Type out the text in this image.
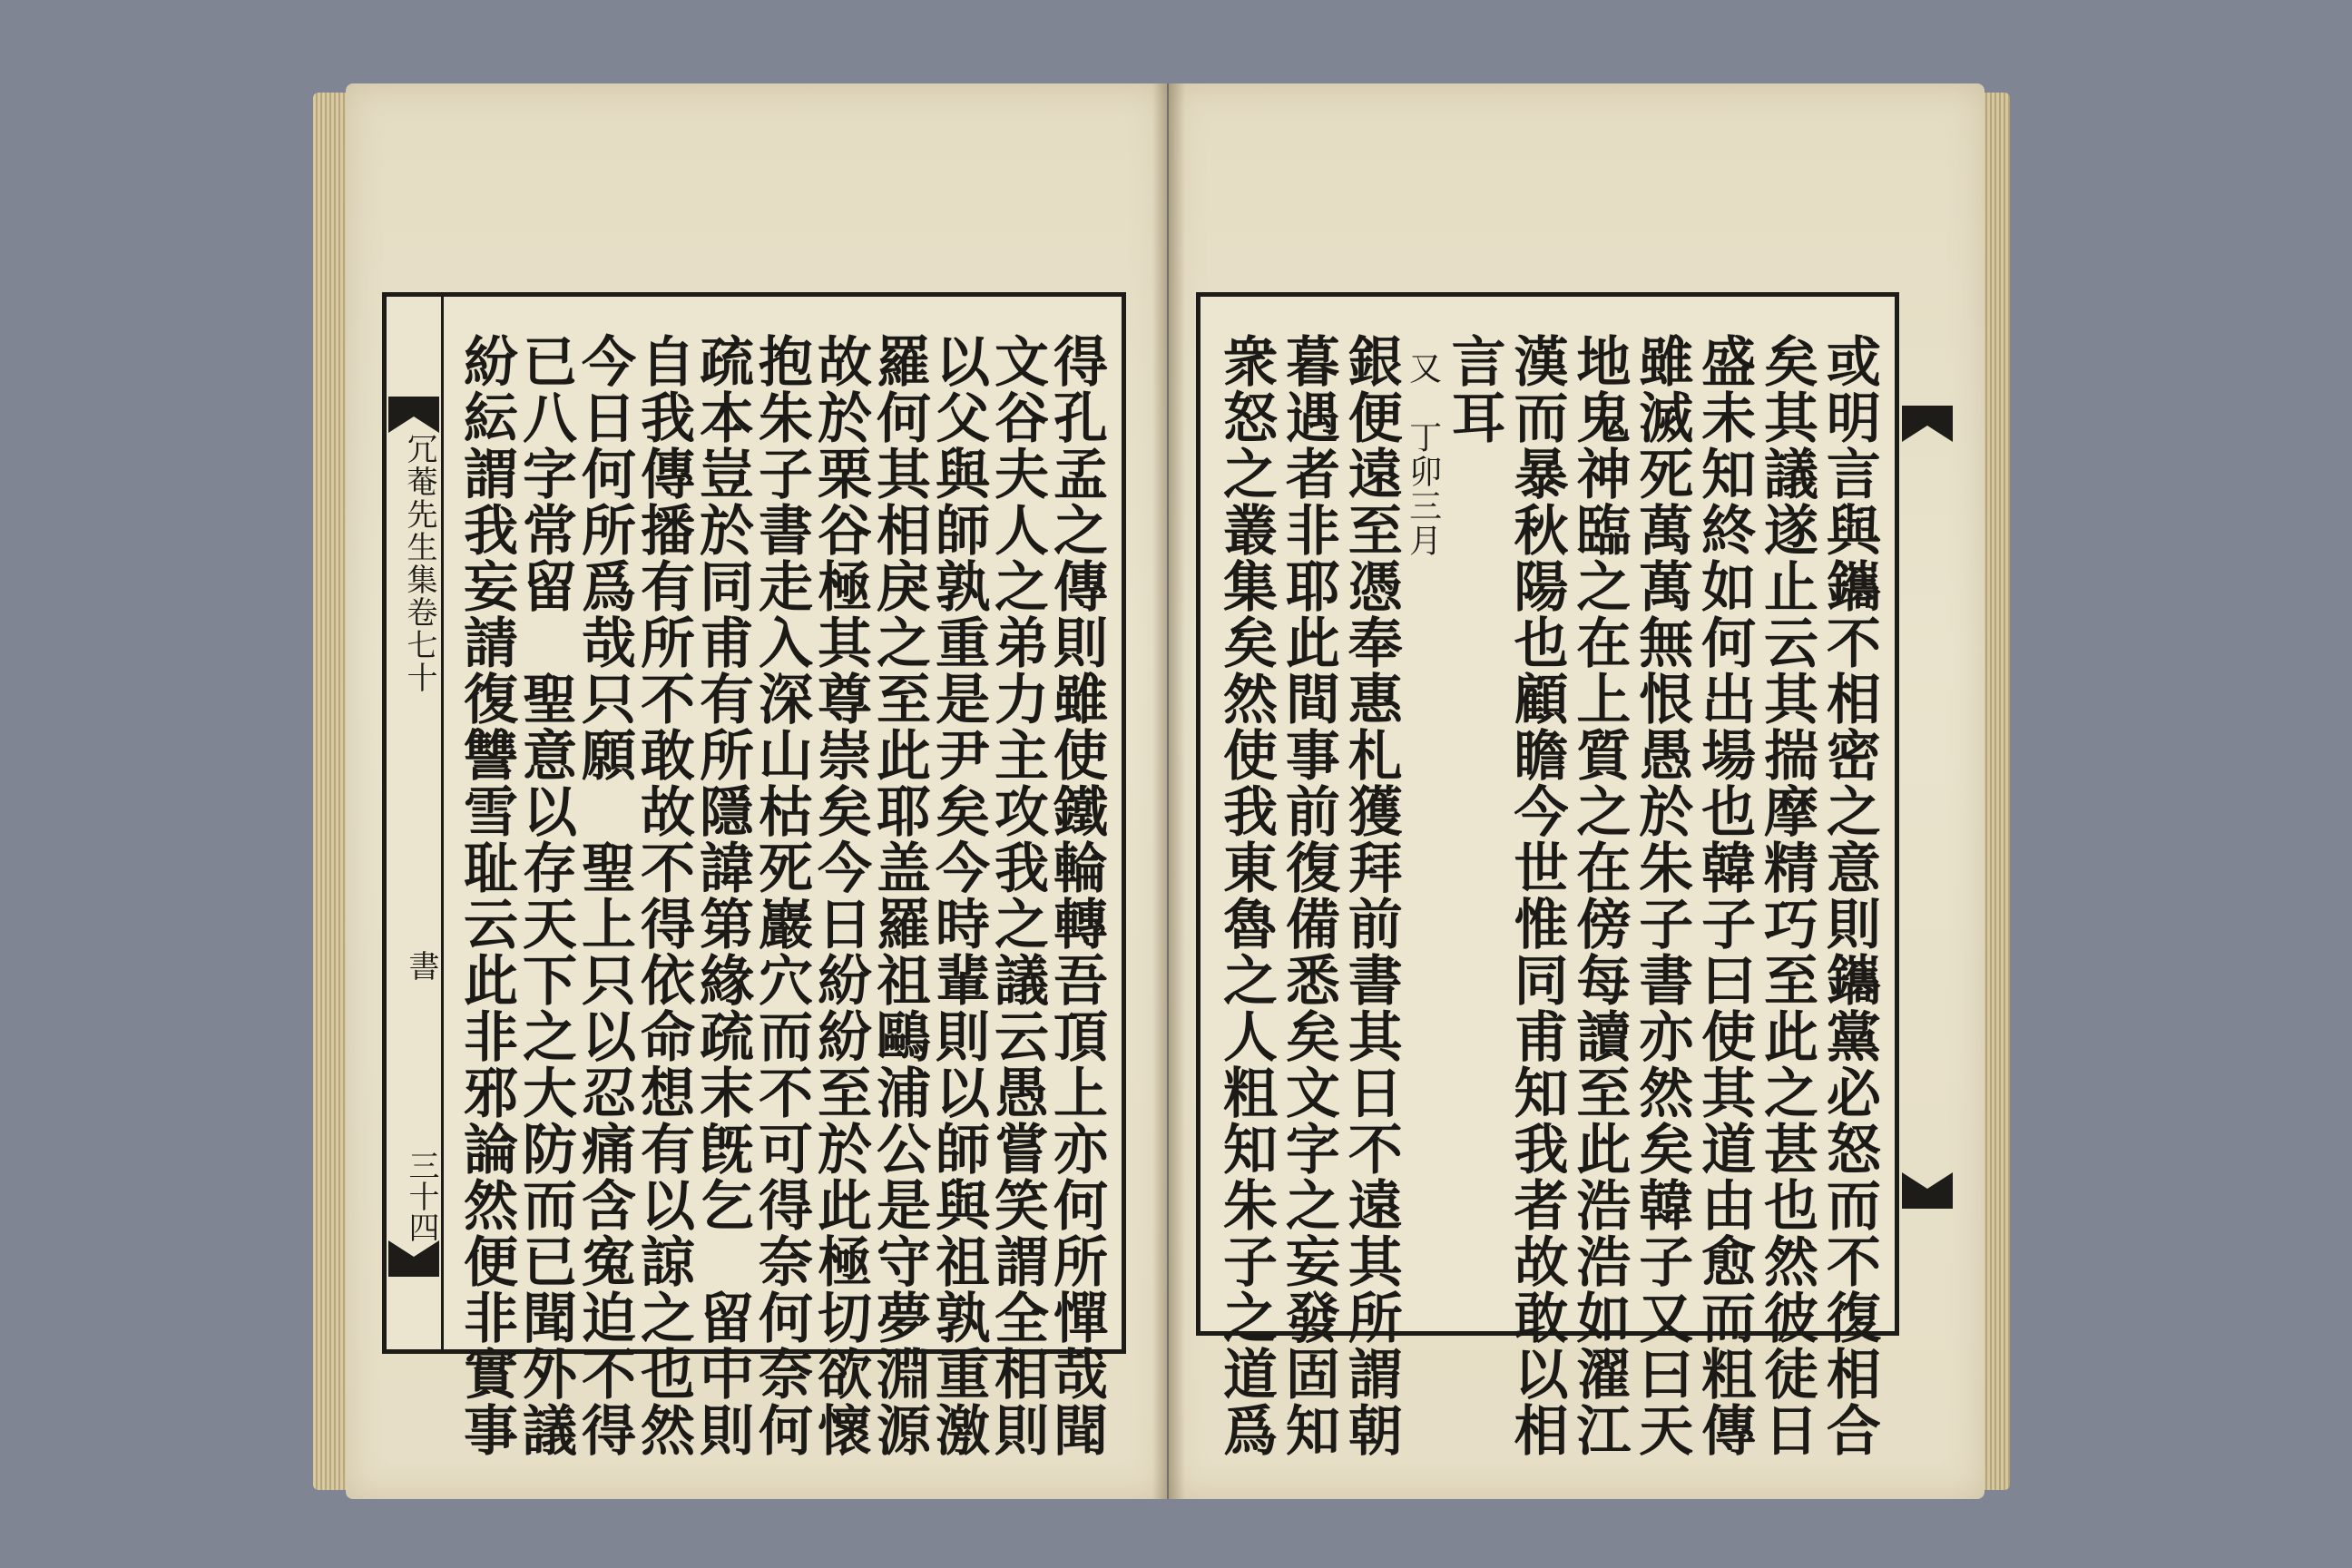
冗菴先生集卷七十
書
三十四	得孔孟之傳則雖使鐵輪轉吾頂上亦何所憚哉聞
文谷夫人之弟力主攻我之議云愚嘗笑謂全相則
以父與師孰重是尹矣今時輩則以師與祖孰重激
羅何其相戾之至此耶盖羅祖鷗浦公是守夢淵源
故於栗谷極其尊崇矣今日紛紛至於此極切欲懷
抱朱子書走入深山枯死巖穴而不可得奈何奈何
疏本豈於同甫有所隱諱第緣疏末旣乞　留中則
自我傳播有所不敢故不得依命想有以諒之也然
今日何所爲哉只願　聖上只以忍痛含寃迫不得
已八字常留　聖意以存天下之大防而已聞外議
紛紜謂我妄請復讐雪耻云此非邪論然便非實事	或明言與鑴不相密之意則鑴黨必怒而不復相合
矣其議遂止云其揣摩精巧至此之甚也然彼徒日
盛未知終如何出場也韓子曰使其道由愈而粗傳
雖滅死萬萬無恨愚於朱子書亦然矣韓子又曰天
地鬼神臨之在上質之在傍每讀至此浩浩如濯江
漢而暴秋陽也顧瞻今世惟同甫知我者故敢以相
言耳
又　丁卯三月
銀便遠至憑奉惠札獲拜前書其日不遠其所謂朝
暮遇者非耶此間事前復備悉矣文字之妄發固知
衆怒之叢集矣然使我東魯之人粗知朱子之道爲
